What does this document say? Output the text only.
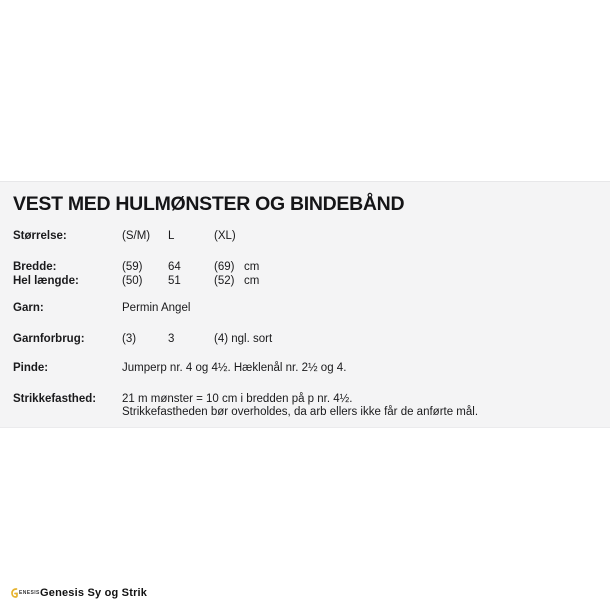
VEST MED HULMØNSTER OG BINDEBÅND
Størrelse:	(S/M) L	(XL)
Bredde:	(59) 64	(69) cm
Hel længde:	(50) 51	(52) cm
Garn:	Permin Angel
Garnforbrug:	(3)	3	(4) ngl. sort
Pinde:	Jumperp nr. 4 og 4½. Hæklenål nr. 2½ og 4.
Strikkefasthed: 21 m mønster = 10 cm i bredden på p nr. 4½.
Strikkefastheden bør overholdes, da arb ellers ikke får de anførte mål.
ENESIS Genesis Sy og Strik
